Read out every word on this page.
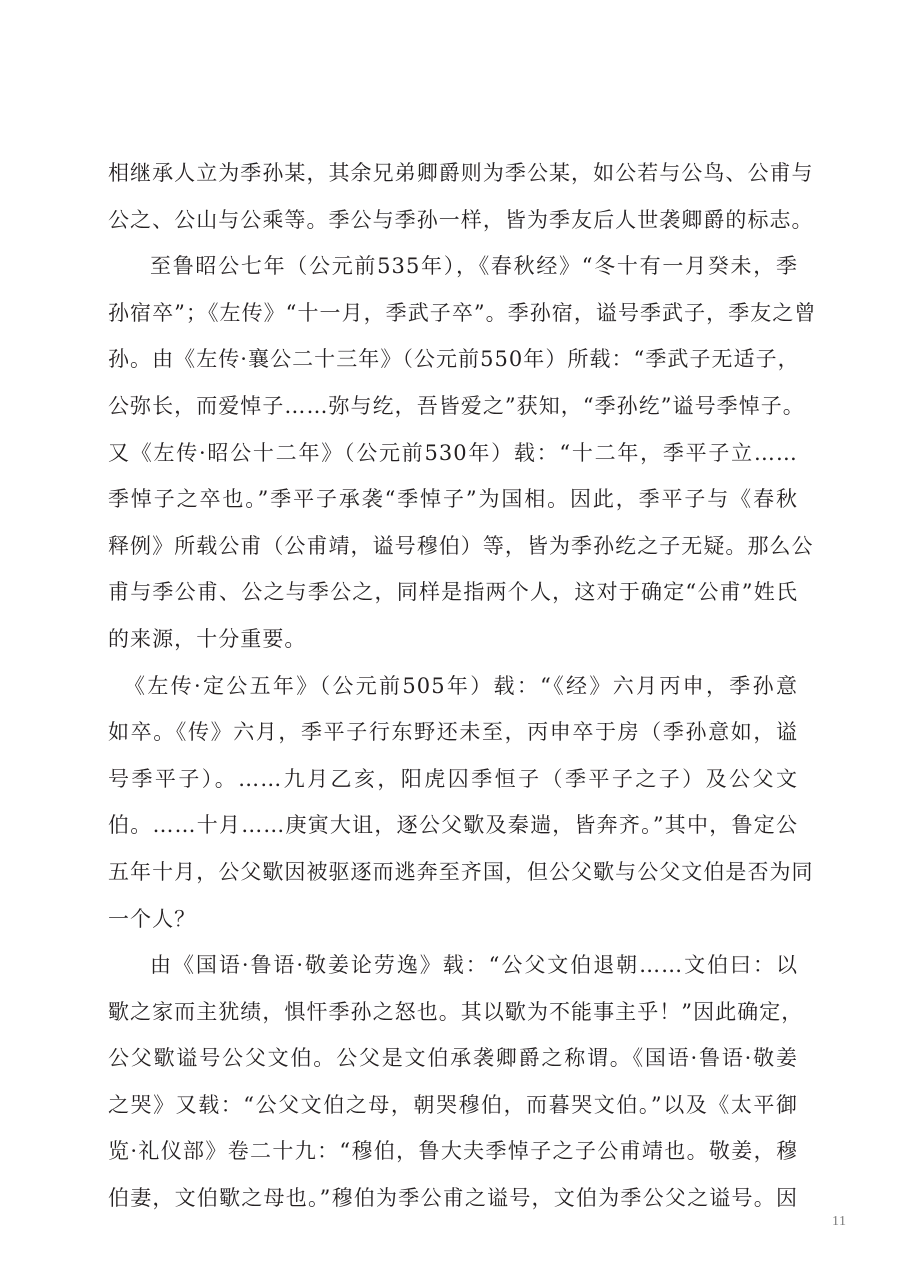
相继承人立为季孙某，其余兄弟卿爵则为季公某，如公若与公鸟、公甫与
公之、公山与公乘等。季公与季孙一样，皆为季友后人世袭卿爵的标志。
至鲁昭公七年（公元前535年），《春秋经》“冬十有一月癸未，季
孙宿卒”；《左传》“十一月，季武子卒”。季孙宿，谥号季武子，季友之曾
孙。由《左传·襄公二十三年》（公元前550年）所载：“季武子无适子，
公弥长，而爱悼子……弥与纥，吾皆爱之”获知，“季孙纥”谥号季悼子。
又《左传·昭公十二年》（公元前530年）载：“十二年，季平子立……
季悼子之卒也。”季平子承袭“季悼子”为国相。因此，季平子与《春秋
释例》所载公甫（公甫靖，谥号穆伯）等，皆为季孙纥之子无疑。那么公
甫与季公甫、公之与季公之，同样是指两个人，这对于确定“公甫”姓氏
的来源，十分重要。
《左传·定公五年》（公元前505年）载：“《经》六月丙申，季孙意
如卒。《传》六月，季平子行东野还未至，丙申卒于房（季孙意如，谥
号季平子）。……九月乙亥，阳虎囚季恒子（季平子之子）及公父文
伯。……十月……庚寅大诅，逐公父歜及秦遄，皆奔齐。”其中，鲁定公
五年十月，公父歜因被驱逐而逃奔至齐国，但公父歜与公父文伯是否为同
一个人？
由《国语·鲁语·敬姜论劳逸》载：“公父文伯退朝……文伯曰：以
歜之家而主犹绩，惧忓季孙之怒也。其以歜为不能事主乎！”因此确定，
公父歜谥号公父文伯。公父是文伯承袭卿爵之称谓。《国语·鲁语·敬姜
之哭》又载：“公父文伯之母，朝哭穆伯，而暮哭文伯。”以及《太平御
览·礼仪部》卷二十九：“穆伯，鲁大夫季悼子之子公甫靖也。敬姜，穆
伯妻，文伯歜之母也。”穆伯为季公甫之谥号，文伯为季公父之谥号。因
11
